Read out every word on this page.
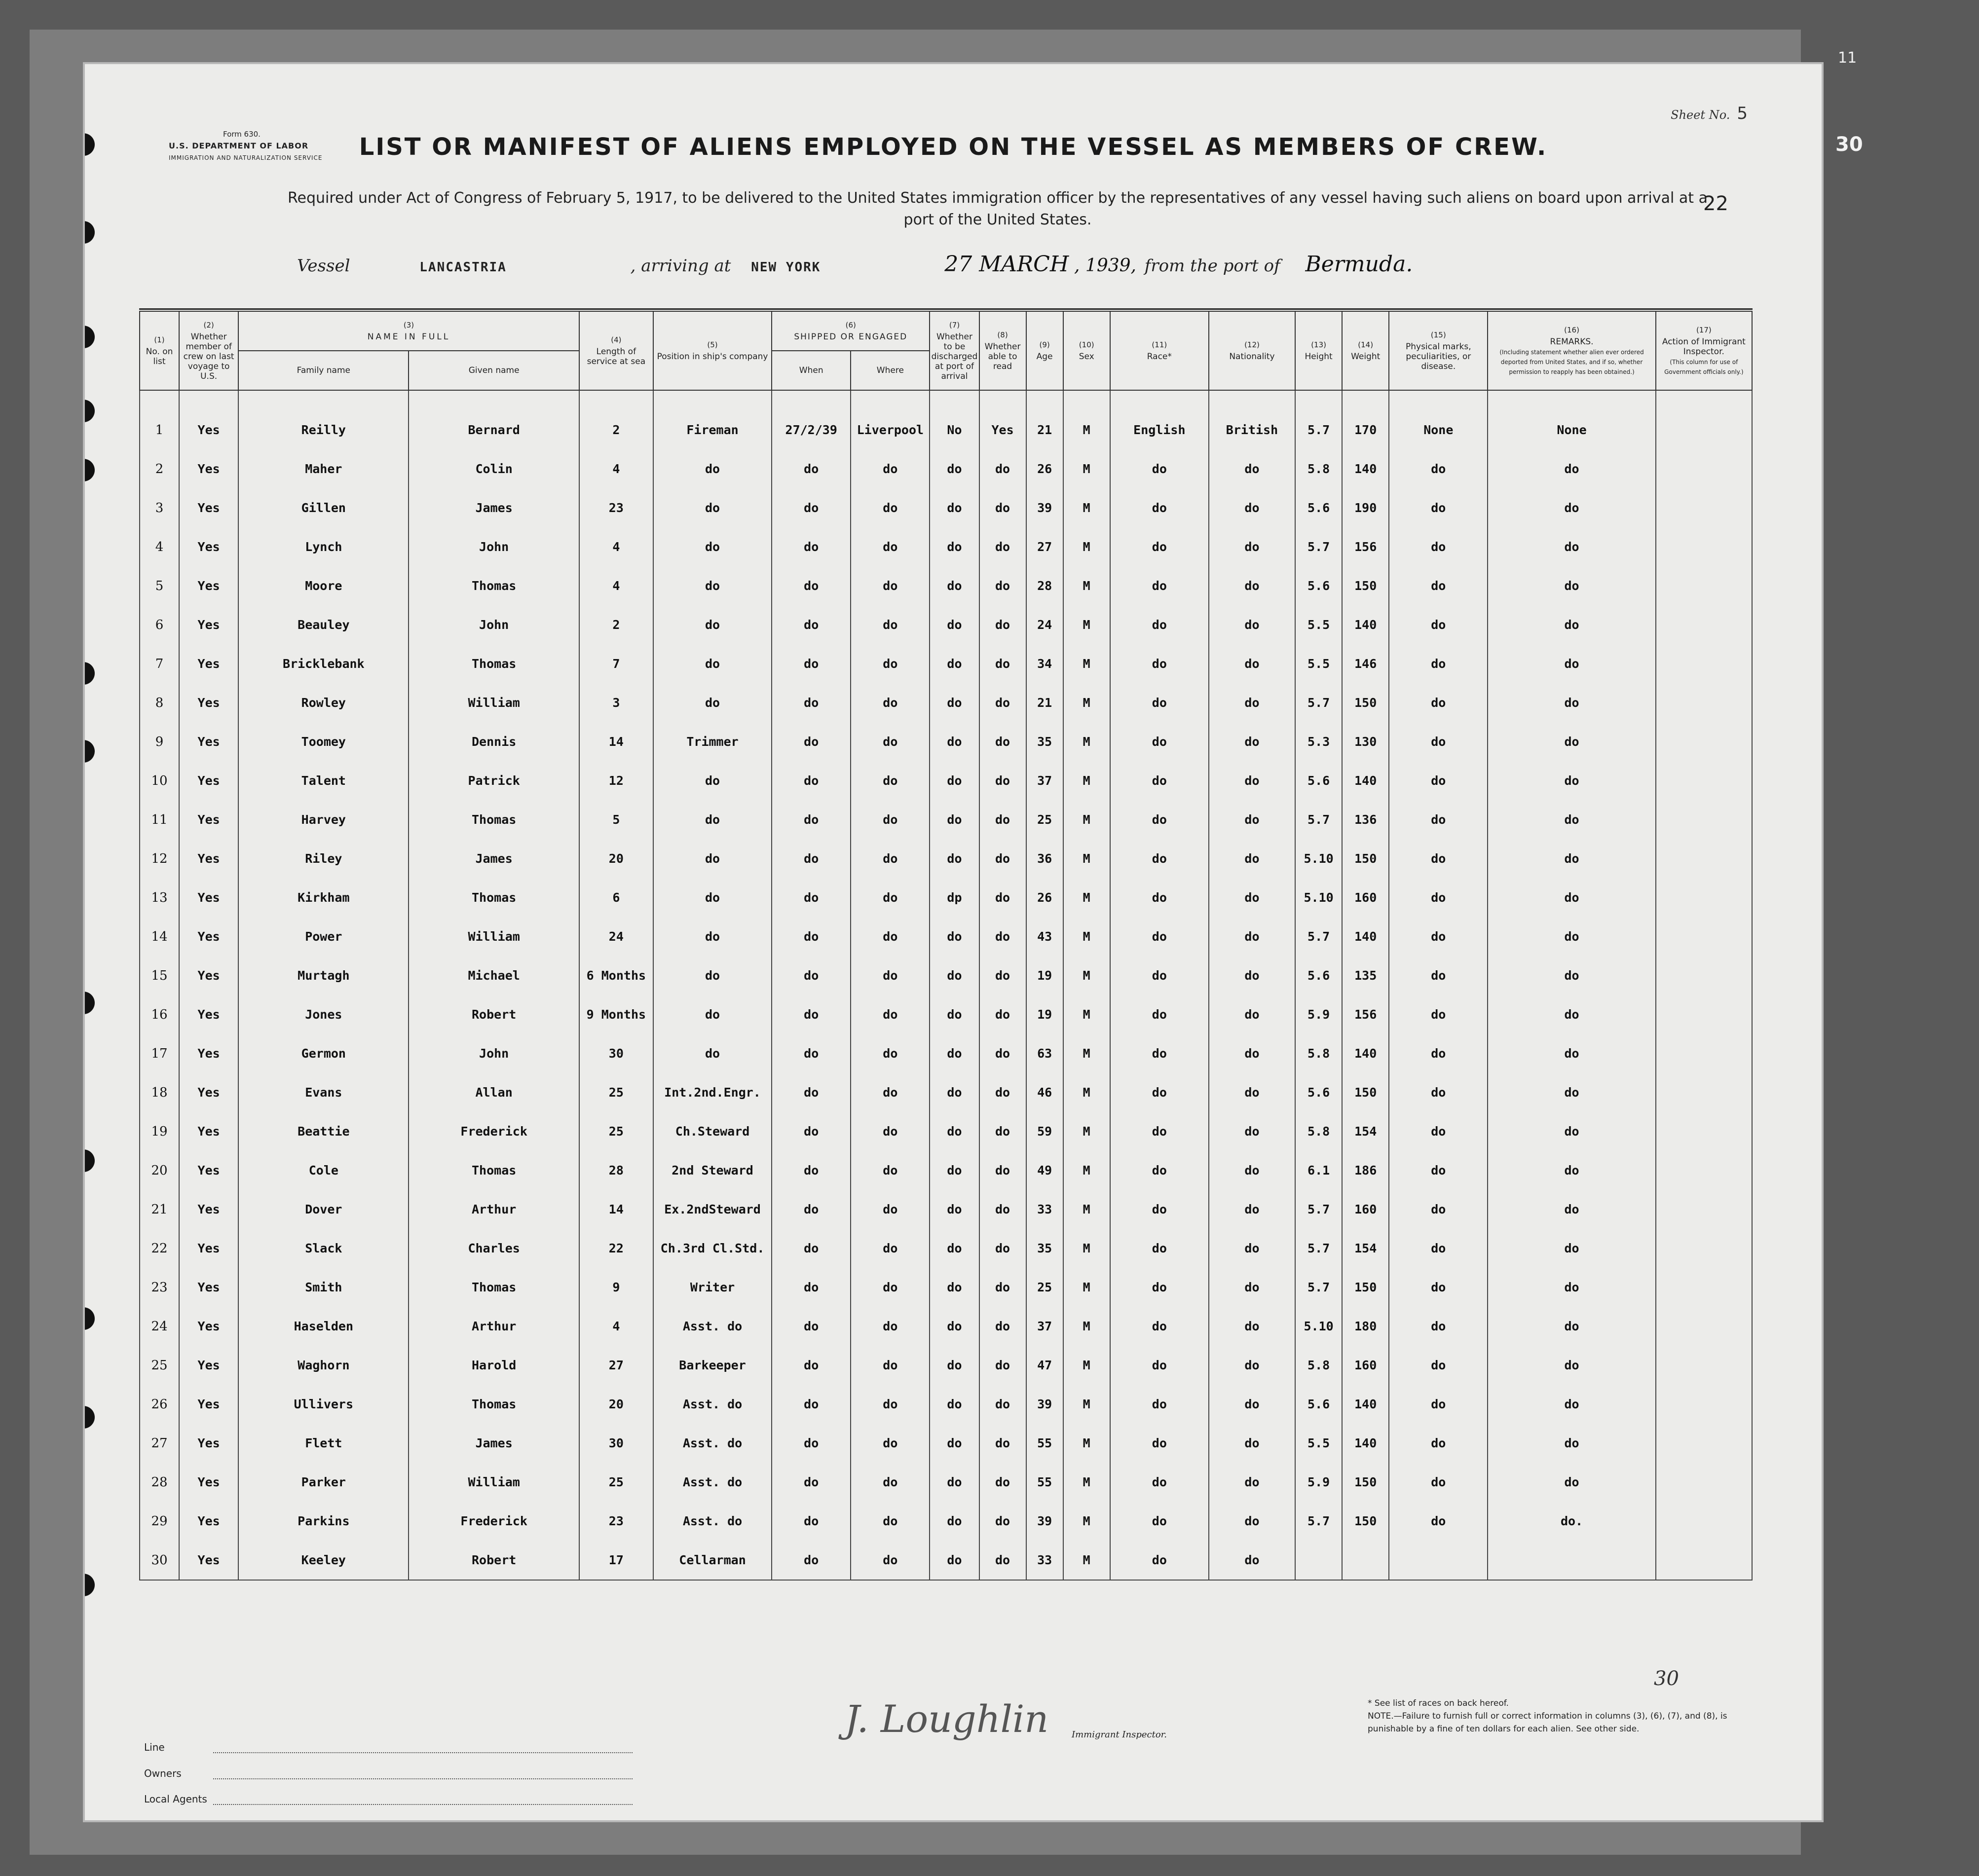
11
30
Form 630.
U.S. DEPARTMENT OF LABOR
IMMIGRATION AND NATURALIZATION SERVICE
Sheet No. 5
22
LIST OR MANIFEST OF ALIENS EMPLOYED ON THE VESSEL AS MEMBERS OF CREW.
Required under Act of Congress of February 5, 1917, to be delivered to the United States immigration officer by the representatives of any vessel having such aliens on board upon arrival at a port of the United States.
Vessel	LANCASTRIA	, arriving at NEW YORK	27 MARCH , 1939, from the port of Bermuda.
(1)
No. on list	(2)
Whether member of crew on last voyage to U.S.	(3)
NAME IN FULL		(4)
Length of service at sea	(5)
Position in ship's company	(6)
SHIPPED OR ENGAGED		(7)
Whether to be discharged at port of arrival	(8)
Whether able to read	(9)
Age	(10)
Sex	(11)
Race*	(12)
Nationality	(13)
Height	(14)
Weight	(15)
Physical marks, peculiarities, or disease.	(16)
REMARKS.
(Including statement whether alien ever ordered deported from United States, and if so, whether permission to reapply has been obtained.)	(17)
Action of Immigrant Inspector.
(This column for use of Government officials only.)
		Family name	Given name			When	Where											

1	Yes	Reilly	Bernard	2	Fireman	27/2/39	Liverpool	No	Yes	21	M	English	British	5.7	170	None	None	
2	Yes	Maher	Colin	4	do	do	do	do	do	26	M	do	do	5.8	140	do	do	
3	Yes	Gillen	James	23	do	do	do	do	do	39	M	do	do	5.6	190	do	do	
4	Yes	Lynch	John	4	do	do	do	do	do	27	M	do	do	5.7	156	do	do	
5	Yes	Moore	Thomas	4	do	do	do	do	do	28	M	do	do	5.6	150	do	do	
6	Yes	Beauley	John	2	do	do	do	do	do	24	M	do	do	5.5	140	do	do	
7	Yes	Bricklebank	Thomas	7	do	do	do	do	do	34	M	do	do	5.5	146	do	do	
8	Yes	Rowley	William	3	do	do	do	do	do	21	M	do	do	5.7	150	do	do	
9	Yes	Toomey	Dennis	14	Trimmer	do	do	do	do	35	M	do	do	5.3	130	do	do	
10	Yes	Talent	Patrick	12	do	do	do	do	do	37	M	do	do	5.6	140	do	do	
11	Yes	Harvey	Thomas	5	do	do	do	do	do	25	M	do	do	5.7	136	do	do	
12	Yes	Riley	James	20	do	do	do	do	do	36	M	do	do	5.10	150	do	do	
13	Yes	Kirkham	Thomas	6	do	do	do	dp	do	26	M	do	do	5.10	160	do	do	
14	Yes	Power	William	24	do	do	do	do	do	43	M	do	do	5.7	140	do	do	
15	Yes	Murtagh	Michael	6 Months	do	do	do	do	do	19	M	do	do	5.6	135	do	do	
16	Yes	Jones	Robert	9 Months	do	do	do	do	do	19	M	do	do	5.9	156	do	do	
17	Yes	Germon	John	30	do	do	do	do	do	63	M	do	do	5.8	140	do	do	
18	Yes	Evans	Allan	25	Int.2nd.Engr.	do	do	do	do	46	M	do	do	5.6	150	do	do	
19	Yes	Beattie	Frederick	25	Ch.Steward	do	do	do	do	59	M	do	do	5.8	154	do	do	
20	Yes	Cole	Thomas	28	2nd Steward	do	do	do	do	49	M	do	do	6.1	186	do	do	
21	Yes	Dover	Arthur	14	Ex.2ndSteward	do	do	do	do	33	M	do	do	5.7	160	do	do	
22	Yes	Slack	Charles	22	Ch.3rd Cl.Std.	do	do	do	do	35	M	do	do	5.7	154	do	do	
23	Yes	Smith	Thomas	9	Writer	do	do	do	do	25	M	do	do	5.7	150	do	do	
24	Yes	Haselden	Arthur	4	Asst. do	do	do	do	do	37	M	do	do	5.10	180	do	do	
25	Yes	Waghorn	Harold	27	Barkeeper	do	do	do	do	47	M	do	do	5.8	160	do	do	
26	Yes	Ullivers	Thomas	20	Asst. do	do	do	do	do	39	M	do	do	5.6	140	do	do	
27	Yes	Flett	James	30	Asst. do	do	do	do	do	55	M	do	do	5.5	140	do	do	
28	Yes	Parker	William	25	Asst. do	do	do	do	do	55	M	do	do	5.9	150	do	do	
29	Yes	Parkins	Frederick	23	Asst. do	do	do	do	do	39	M	do	do	5.7	150	do	do.	
30	Yes	Keeley	Robert	17	Cellarman	do	do	do	do	33	M	do	do					
30
Line
Owners
Local Agents
J. Loughlin	Immigrant Inspector.
* See list of races on back hereof.
NOTE.—Failure to furnish full or correct information in columns (3), (6), (7), and (8), is punishable by a fine of ten dollars for each alien. See other side.
